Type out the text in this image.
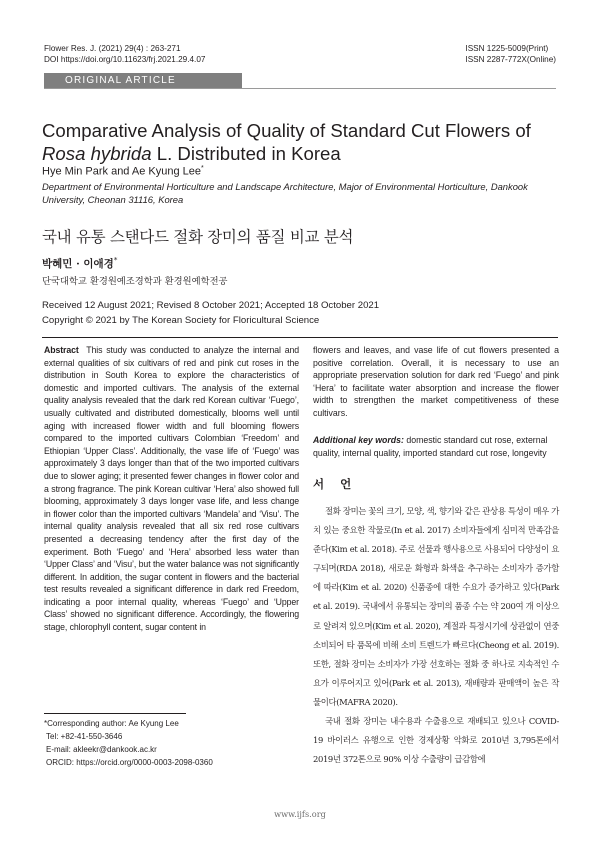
Flower Res. J. (2021) 29(4) : 263-271
DOI https://doi.org/10.11623/frj.2021.29.4.07
ISSN 1225-5009(Print)
ISSN 2287-772X(Online)
ORIGINAL ARTICLE
Comparative Analysis of Quality of Standard Cut Flowers of Rosa hybrida L. Distributed in Korea
Hye Min Park and Ae Kyung Lee*
Department of Environmental Horticulture and Landscape Architecture, Major of Environmental Horticulture, Dankook University, Cheonan 31116, Korea
국내 유통 스탠다드 절화 장미의 품질 비교 분석
박혜민 · 이애경*
단국대학교 환경원예조경학과 환경원예학전공
Received 12 August 2021; Revised 8 October 2021; Accepted 18 October 2021
Copyright © 2021 by The Korean Society for Floricultural Science
Abstract This study was conducted to analyze the internal and external qualities of six cultivars of red and pink cut roses in the distribution in South Korea to explore the characteristics of domestic and imported cultivars. The analysis of the external quality analysis revealed that the dark red Korean cultivar ‘Fuego’, usually cultivated and distributed domestically, blooms well until aging with increased flower width and full blooming flowers compared to the imported cultivars Colombian ‘Freedom’ and Ethiopian ‘Upper Class’. Additionally, the vase life of ‘Fuego’ was approximately 3 days longer than that of the two imported cultivars due to slower aging; it presented fewer changes in flower color and a strong fragrance. The pink Korean cultivar ‘Hera’ also showed full blooming, approximately 3 days longer vase life, and less change in flower color than the imported cultivars ‘Mandela’ and ‘Visu’. The internal quality analysis revealed that all six red rose cultivars presented a decreasing tendency after the first day of the experiment. Both ‘Fuego’ and ‘Hera’ absorbed less water than ‘Upper Class’ and ‘Visu’, but the water balance was not significantly different. In addition, the sugar content in flowers and the bacterial test results revealed a significant difference in dark red Freedom, indicating a poor internal quality, whereas ‘Fuego’ and ‘Upper Class’ showed no significant difference. Accordingly, the flowering stage, chlorophyll content, sugar content in
flowers and leaves, and vase life of cut flowers presented a positive correlation. Overall, it is necessary to use an appropriate preservation solution for dark red ‘Fuego’ and pink ‘Hera’ to facilitate water absorption and increase the flower width to strengthen the market competitiveness of these cultivars.
Additional key words: domestic standard cut rose, external quality, internal quality, imported standard cut rose, longevity
서 언

절화 장미는 꽃의 크기, 모양, 색, 향기와 같은 관상용 특성이 매우 가치 있는 중요한 작물로(In et al. 2017) 소비자들에게 심미적 만족감을 준다(Kim et al. 2018). 주로 선물과 행사용으로 사용되어 다양성이 요구되며(RDA 2018), 새로운 화형과 화색을 추구하는 소비자가 증가함에 따라(Kim et al. 2020) 신품종에 대한 수요가 증가하고 있다(Park et al. 2019). 국내에서 유통되는 장미의 품종 수는 약 200여 개 이상으로 알려져 있으며(Kim et al. 2020), 계절과 특정시기에 상관없이 연중 소비되어 타 품목에 비해 소비 트렌드가 빠르다(Cheong et al. 2019). 또한, 절화 장미는 소비자가 가장 선호하는 절화 중 하나로 지속적인 수요가 이루어지고 있어(Park et al. 2013), 재배량과 판매액이 높은 작물이다(MAFRA 2020).

국내 절화 장미는 내수용과 수출용으로 재배되고 있으나 COVID-19 바이러스 유행으로 인한 경제상황 악화로 2010년 3,795톤에서 2019년 372톤으로 90% 이상 수출량이 급감함에

*Corresponding author: Ae Kyung Lee
Tel: +82-41-550-3646
E-mail: akleekr@dankook.ac.kr
ORCID: https://orcid.org/0000-0003-2098-0360
www.ijfs.org
